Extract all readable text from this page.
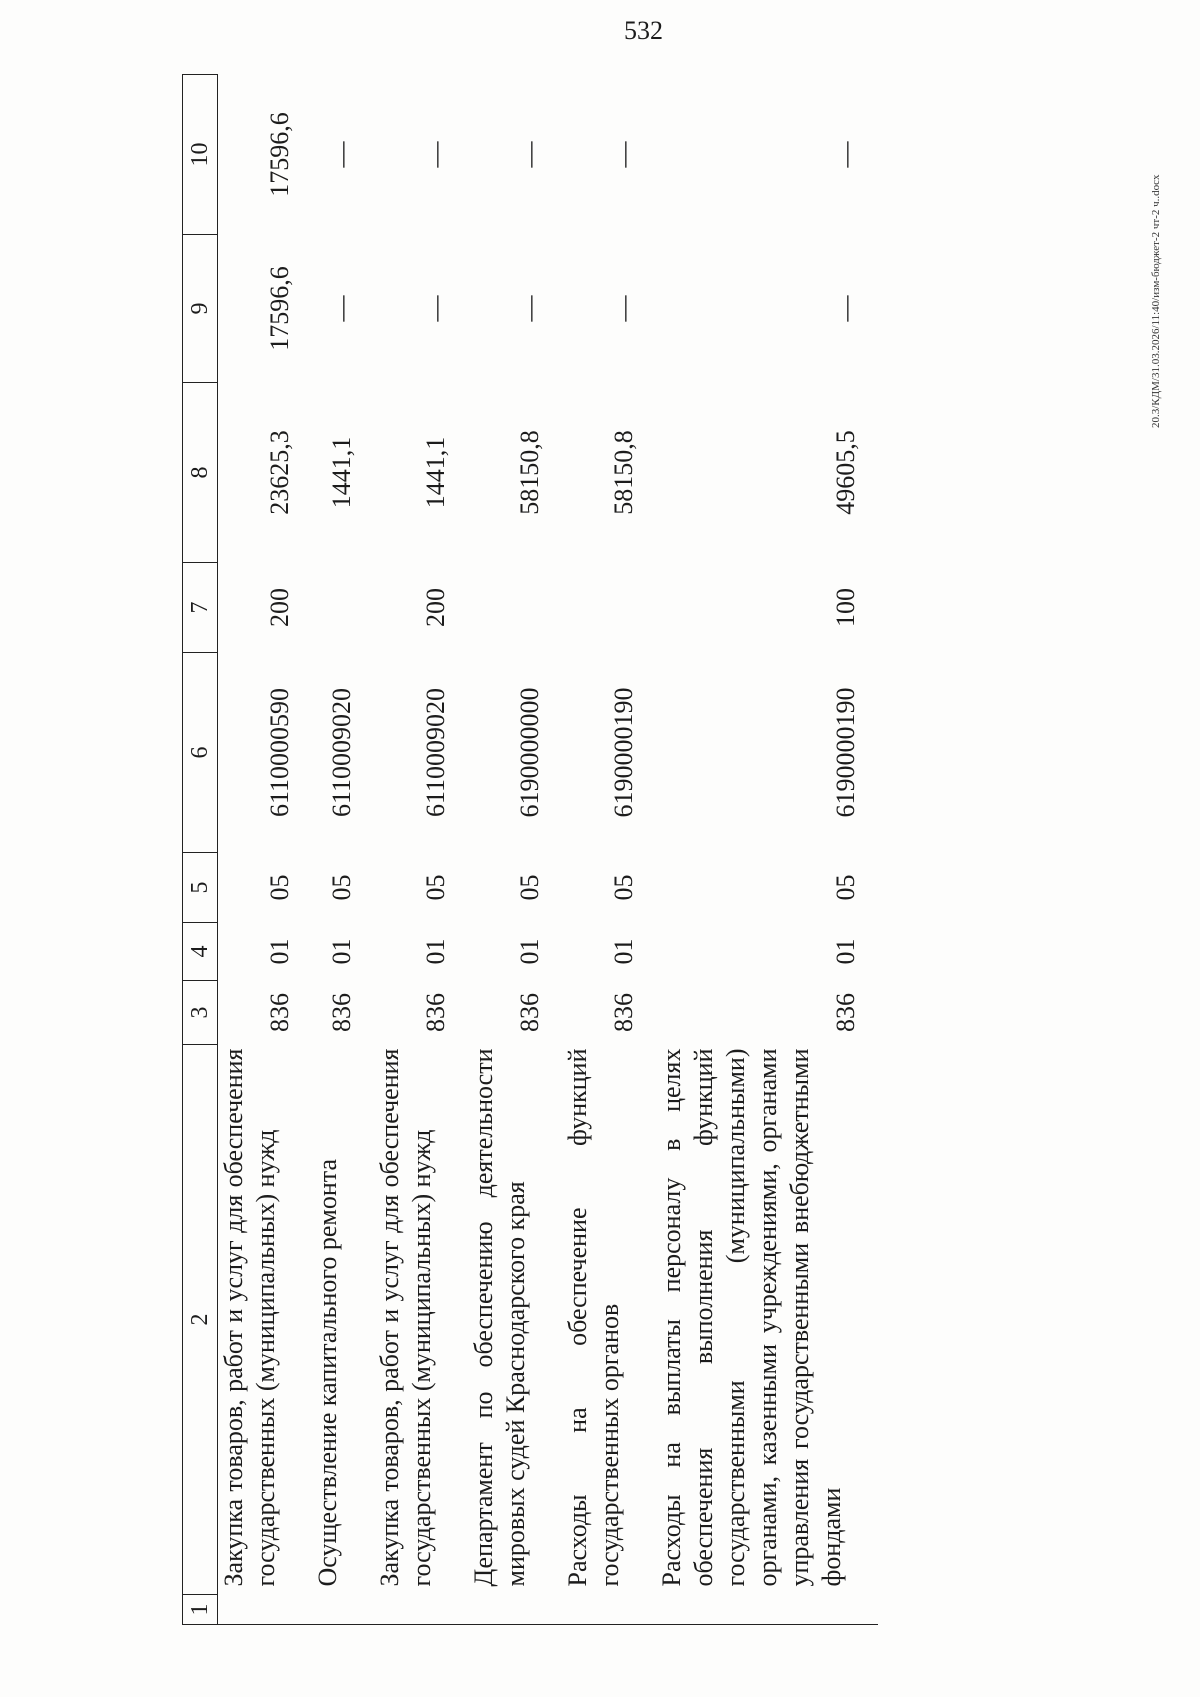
532
20.3/КДМ/31.03.2026/11:40/изм-бюджет-2 чт-2 ч..docx
1	2	3	4	5	6	7	8	9	10

	Закупка товаров, работ и услуг для обеспечения государственных (муниципальных) нужд	836	01	05	6110000590	200	23625,3	17596,6	17596,6

	Осуществление капитального ремонта	836	01	05	6110009020		1441,1	—	—

	Закупка товаров, работ и услуг для обеспечения государственных (муниципальных) нужд	836	01	05	6110009020	200	1441,1	—	—

	Департамент по обеспечению деятельности мировых судей Краснодарского края	836	01	05	6190000000		58150,8	—	—

	Расходы на обеспечение функций государственных органов	836	01	05	6190000190		58150,8	—	—

	Расходы на выплаты персоналу в целях обеспечения выполнения функций государственными (муниципальными) органами, казенными учреждениями, органами управления государственными внебюджетными фондами	836	01	05	6190000190	100	49605,5	—	—
